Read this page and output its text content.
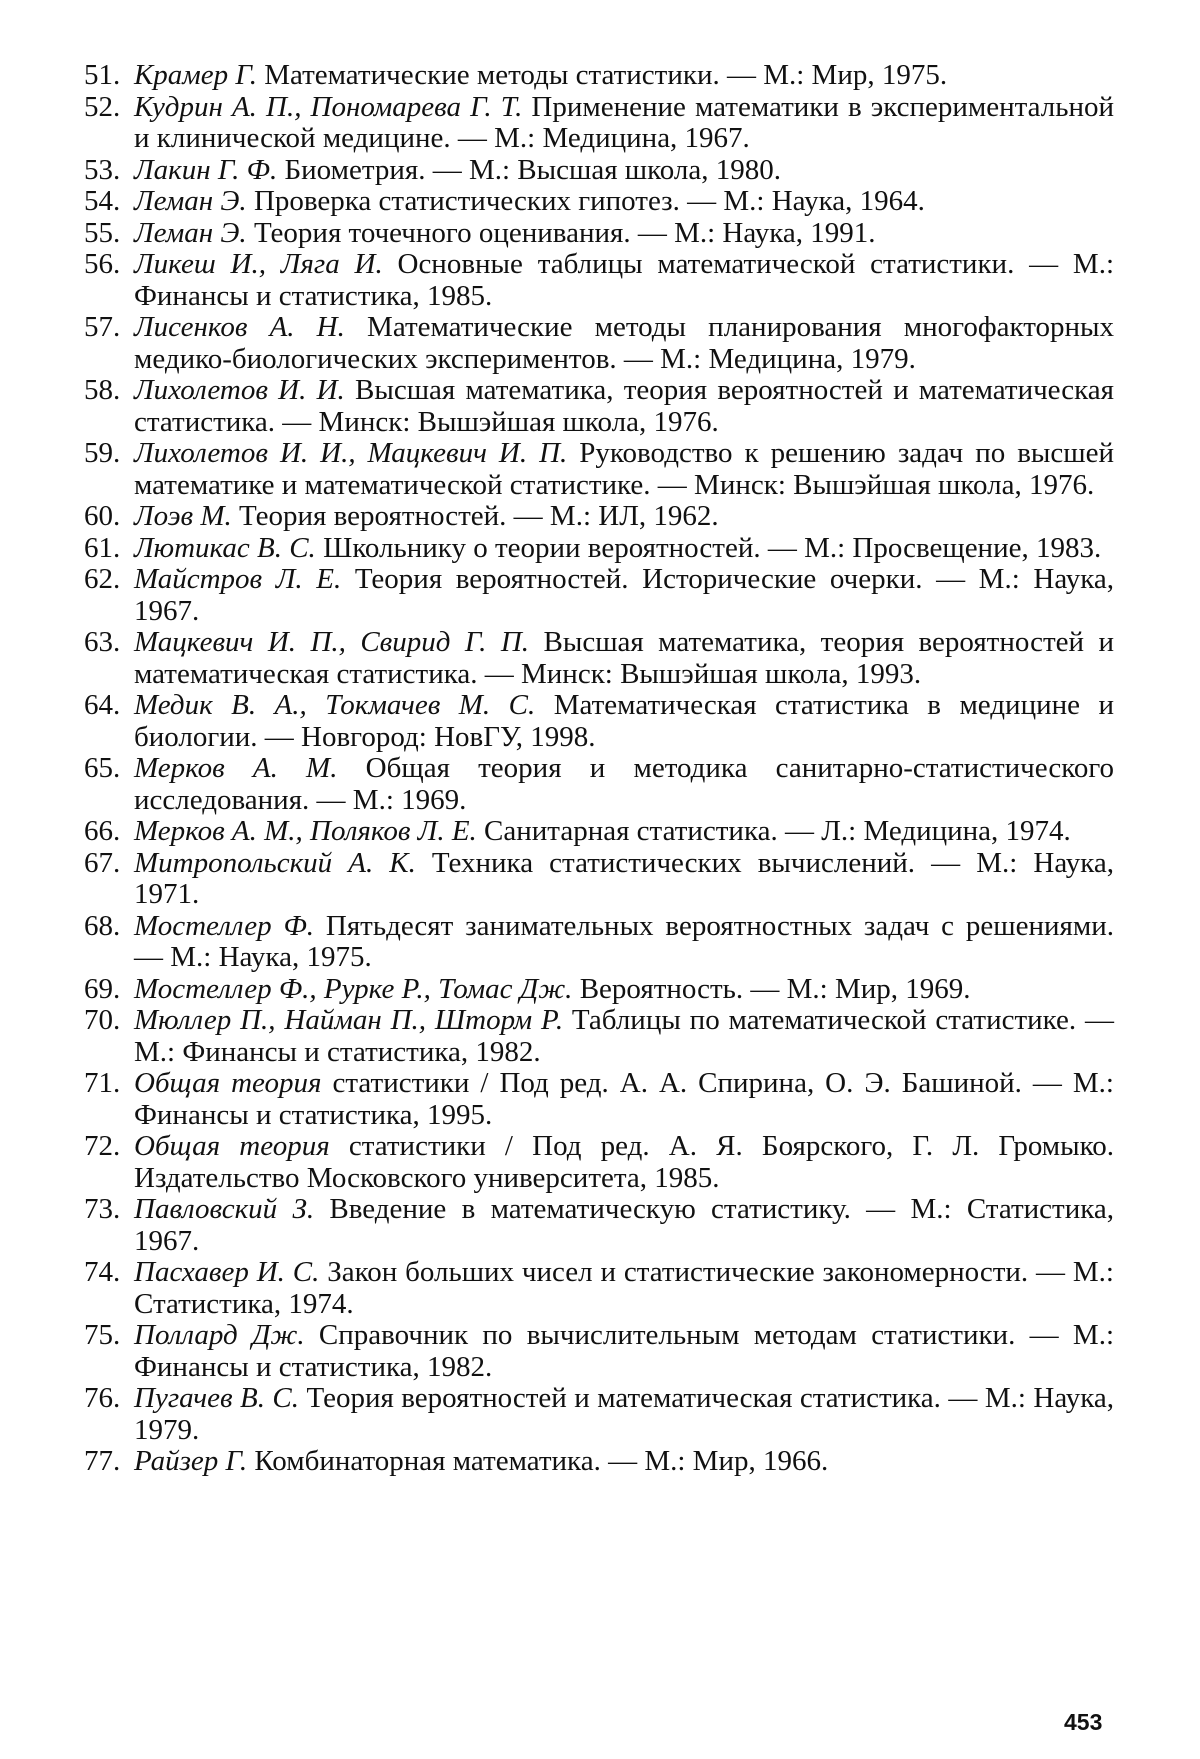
51. Крамер Г. Математические методы статистики. — М.: Мир, 1975.
52. Кудрин А. П., Пономарева Г. Т. Применение математики в экспериментальной и клинической медицине. — М.: Медицина, 1967.
53. Лакин Г. Ф. Биометрия. — М.: Высшая школа, 1980.
54. Леман Э. Проверка статистических гипотез. — М.: Наука, 1964.
55. Леман Э. Теория точечного оценивания. — М.: Наука, 1991.
56. Ликеш И., Ляга И. Основные таблицы математической статистики. — М.: Финансы и статистика, 1985.
57. Лисенков А. Н. Математические методы планирования многофакторных медико-биологических экспериментов. — М.: Медицина, 1979.
58. Лихолетов И. И. Высшая математика, теория вероятностей и математическая статистика. — Минск: Вышэйшая школа, 1976.
59. Лихолетов И. И., Мацкевич И. П. Руководство к решению задач по высшей математике и математической статистике. — Минск: Вышэйшая школа, 1976.
60. Лоэв М. Теория вероятностей. — М.: ИЛ, 1962.
61. Лютикас В. С. Школьнику о теории вероятностей. — М.: Просвещение, 1983.
62. Майстров Л. Е. Теория вероятностей. Исторические очерки. — М.: Наука, 1967.
63. Мацкевич И. П., Свирид Г. П. Высшая математика, теория вероятностей и математическая статистика. — Минск: Вышэйшая школа, 1993.
64. Медик В. А., Токмачев М. С. Математическая статистика в медицине и биологии. — Новгород: НовГУ, 1998.
65. Мерков А. М. Общая теория и методика санитарно-статистического исследования. — М.: 1969.
66. Мерков А. М., Поляков Л. Е. Санитарная статистика. — Л.: Медицина, 1974.
67. Митропольский А. К. Техника статистических вычислений. — М.: Наука, 1971.
68. Мостеллер Ф. Пятьдесят занимательных вероятностных задач с решениями. — М.: Наука, 1975.
69. Мостеллер Ф., Рурке Р., Томас Дж. Вероятность. — М.: Мир, 1969.
70. Мюллер П., Найман П., Шторм Р. Таблицы по математической статистике. — М.: Финансы и статистика, 1982.
71. Общая теория статистики / Под ред. А. А. Спирина, О. Э. Башиной. — М.: Финансы и статистика, 1995.
72. Общая теория статистики / Под ред. А. Я. Боярского, Г. Л. Громыко. Издательство Московского университета, 1985.
73. Павловский З. Введение в математическую статистику. — М.: Статистика, 1967.
74. Пасхавер И. С. Закон больших чисел и статистические закономерности. — М.: Статистика, 1974.
75. Поллард Дж. Справочник по вычислительным методам статистики. — М.: Финансы и статистика, 1982.
76. Пугачев В. С. Теория вероятностей и математическая статистика. — М.: Наука, 1979.
77. Райзер Г. Комбинаторная математика. — М.: Мир, 1966.
453
